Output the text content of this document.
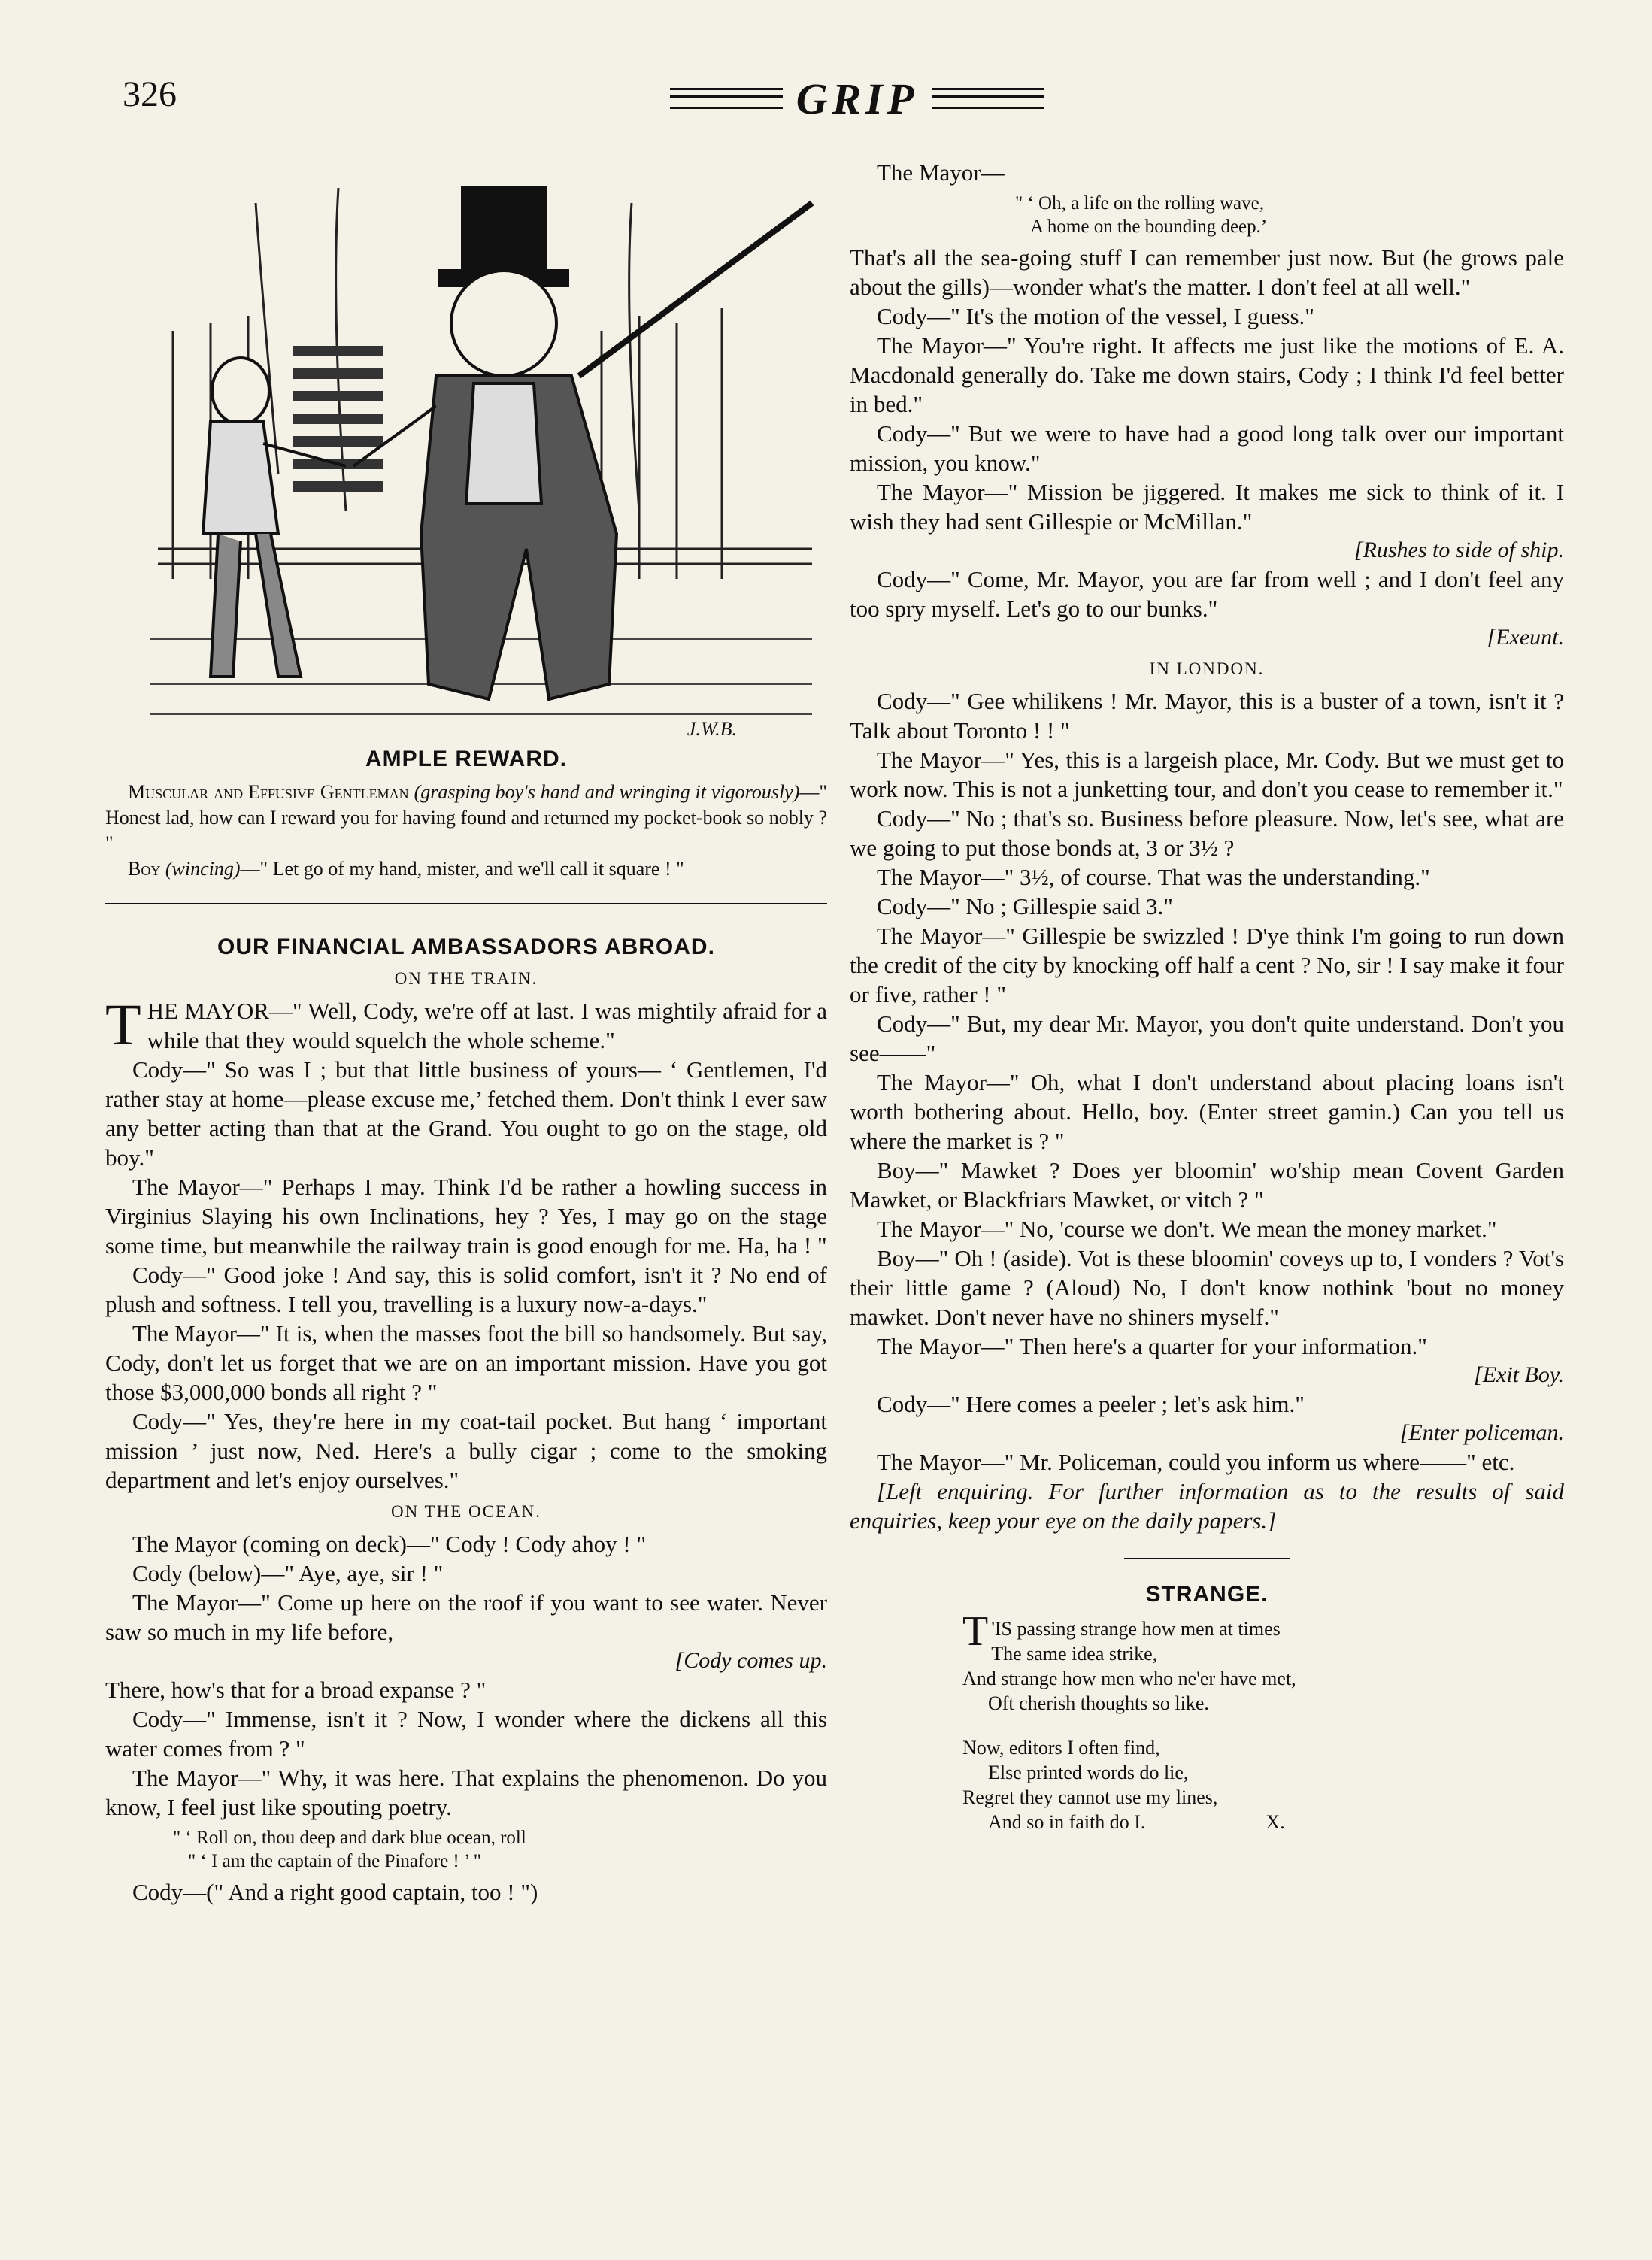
326	GRIP
J.W.B.
AMPLE REWARD.
Muscular and Effusive Gentleman (grasping boy's hand and wringing it vigorously)—" Honest lad, how can I reward you for having found and returned my pocket-book so nobly ? "
Boy (wincing)—" Let go of my hand, mister, and we'll call it square ! "
OUR FINANCIAL AMBASSADORS ABROAD.
ON THE TRAIN.

THE MAYOR—" Well, Cody, we're off at last. I was mightily afraid for a while that they would squelch the whole scheme."

Cody—" So was I ; but that little business of yours— ‘ Gentlemen, I'd rather stay at home—please excuse me,’ fetched them. Don't think I ever saw any better acting than that at the Grand. You ought to go on the stage, old boy."

The Mayor—" Perhaps I may. Think I'd be rather a howling success in Virginius Slaying his own Inclinations, hey ? Yes, I may go on the stage some time, but meanwhile the railway train is good enough for me. Ha, ha ! "

Cody—" Good joke ! And say, this is solid comfort, isn't it ? No end of plush and softness. I tell you, travelling is a luxury now-a-days."

The Mayor—" It is, when the masses foot the bill so handsomely. But say, Cody, don't let us forget that we are on an important mission. Have you got those $3,000,000 bonds all right ? "

Cody—" Yes, they're here in my coat-tail pocket. But hang ‘ important mission ’ just now, Ned. Here's a bully cigar ; come to the smoking department and let's enjoy ourselves."

ON THE OCEAN.

The Mayor (coming on deck)—" Cody ! Cody ahoy ! "

Cody (below)—" Aye, aye, sir ! "

The Mayor—" Come up here on the roof if you want to see water. Never saw so much in my life before,

[Cody comes up.

There, how's that for a broad expanse ? "

Cody—" Immense, isn't it ? Now, I wonder where the dickens all this water comes from ? "

The Mayor—" Why, it was here. That explains the phenomenon. Do you know, I feel just like spouting poetry.

" ‘ Roll on, thou deep and dark blue ocean, roll
" ‘ I am the captain of the Pinafore ! ’ "

Cody—(" And a right good captain, too ! ")

The Mayor—

" ‘ Oh, a life on the rolling wave,
A home on the bounding deep.’

That's all the sea-going stuff I can remember just now. But (he grows pale about the gills)—wonder what's the matter. I don't feel at all well."

Cody—" It's the motion of the vessel, I guess."

The Mayor—" You're right. It affects me just like the motions of E. A. Macdonald generally do. Take me down stairs, Cody ; I think I'd feel better in bed."

Cody—" But we were to have had a good long talk over our important mission, you know."

The Mayor—" Mission be jiggered. It makes me sick to think of it. I wish they had sent Gillespie or McMillan."

[Rushes to side of ship.

Cody—" Come, Mr. Mayor, you are far from well ; and I don't feel any too spry myself. Let's go to our bunks."

[Exeunt.
IN LONDON.

Cody—" Gee whilikens ! Mr. Mayor, this is a buster of a town, isn't it ? Talk about Toronto ! ! "

The Mayor—" Yes, this is a largeish place, Mr. Cody. But we must get to work now. This is not a junketting tour, and don't you cease to remember it."

Cody—" No ; that's so. Business before pleasure. Now, let's see, what are we going to put those bonds at, 3 or 3½ ?

The Mayor—" 3½, of course. That was the understanding."

Cody—" No ; Gillespie said 3."

The Mayor—" Gillespie be swizzled ! D'ye think I'm going to run down the credit of the city by knocking off half a cent ? No, sir ! I say make it four or five, rather ! "

Cody—" But, my dear Mr. Mayor, you don't quite understand. Don't you see——"

The Mayor—" Oh, what I don't understand about placing loans isn't worth bothering about. Hello, boy. (Enter street gamin.) Can you tell us where the market is ? "

Boy—" Mawket ? Does yer bloomin' wo'ship mean Covent Garden Mawket, or Blackfriars Mawket, or vitch ? "

The Mayor—" No, 'course we don't. We mean the money market."

Boy—" Oh ! (aside). Vot is these bloomin' coveys up to, I vonders ? Vot's their little game ? (Aloud) No, I don't know nothink 'bout no money mawket. Don't never have no shiners myself."

The Mayor—" Then here's a quarter for your information."

[Exit Boy.

Cody—" Here comes a peeler ; let's ask him."

[Enter policeman.

The Mayor—" Mr. Policeman, could you inform us where——" etc.

[Left enquiring. For further information as to the results of said enquiries, keep your eye on the daily papers.]

STRANGE.
T 'IS passing strange how men at times
The same idea strike,
And strange how men who ne'er have met,
Oft cherish thoughts so like.
Now, editors I often find,
Else printed words do lie,
Regret they cannot use my lines,
And so in faith do I.	X.
